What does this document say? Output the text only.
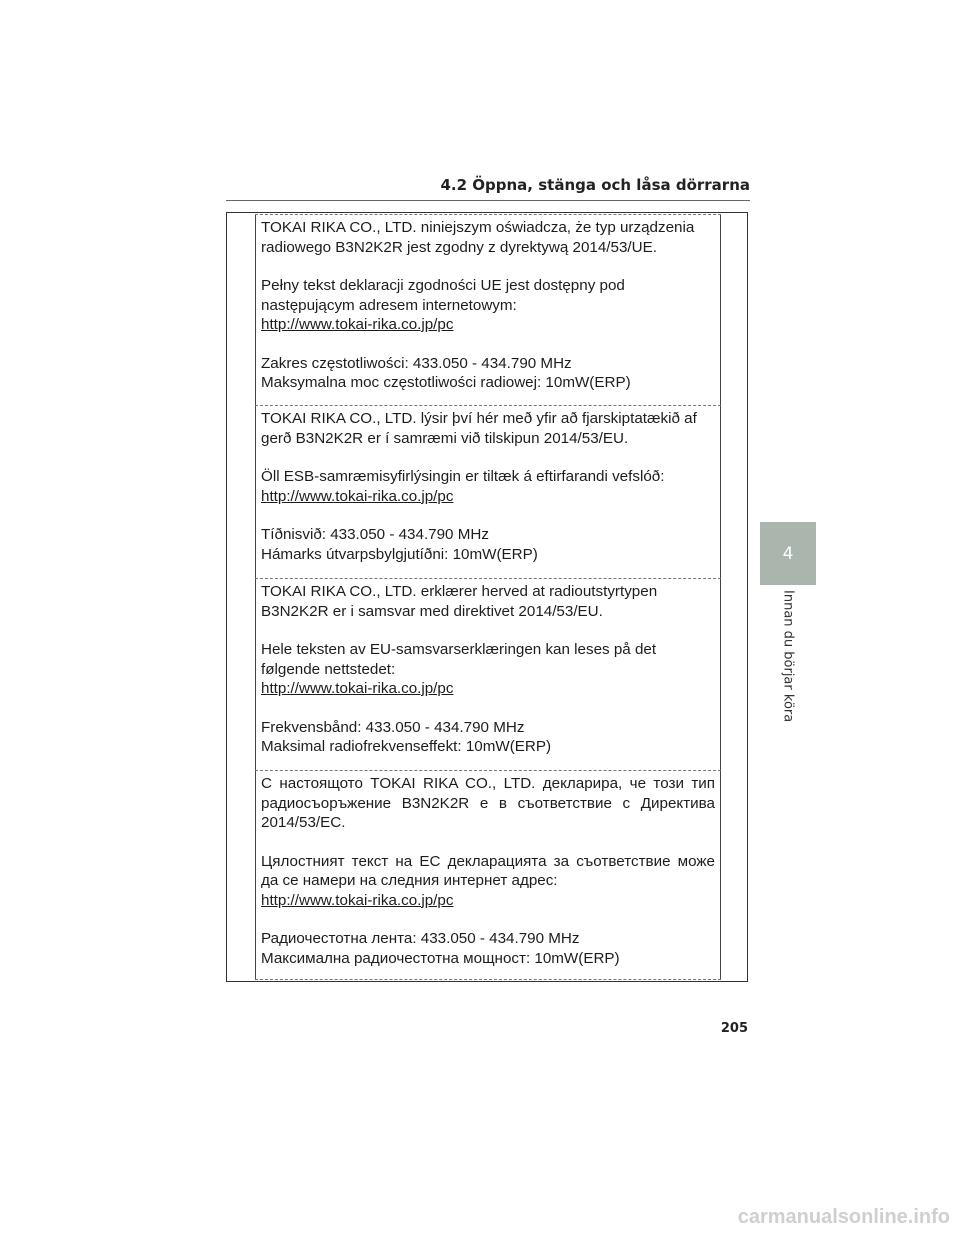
4.2 Öppna, stänga och låsa dörrarna

TOKAI RIKA CO., LTD. niniejszym oświadcza, że typ urządzenia radiowego B3N2K2R jest zgodny z dyrektywą 2014/53/UE.

Pełny tekst deklaracji zgodności UE jest dostępny pod następującym adresem internetowym:

http://www.tokai-rika.co.jp/pc

Zakres częstotliwości: 433.050 - 434.790 MHz

Maksymalna moc częstotliwości radiowej: 10mW(ERP)

TOKAI RIKA CO., LTD. lýsir því hér með yfir að fjarskiptatækið af gerð B3N2K2R er í samræmi við tilskipun 2014/53/EU.

Öll ESB-samræmisyfirlýsingin er tiltæk á eftirfarandi vefslóð:

http://www.tokai-rika.co.jp/pc

Tíðnisvið: 433.050 - 434.790 MHz

Hámarks útvarpsbylgjutíðni: 10mW(ERP)

TOKAI RIKA CO., LTD. erklærer herved at radioutstyrtypen B3N2K2R er i samsvar med direktivet 2014/53/EU.

Hele teksten av EU-samsvarserklæringen kan leses på det følgende nettstedet:

http://www.tokai-rika.co.jp/pc

Frekvensbånd: 433.050 - 434.790 MHz

Maksimal radiofrekvenseffekt: 10mW(ERP)

С настоящото TOKAI RIKA CO., LTD. декларира, че този тип радиосъоръжение B3N2K2R е в съответствие с Директива 2014/53/ЕС.

Цялостният текст на ЕС декларацията за съответствие може да се намери на следния интернет адрес:

http://www.tokai-rika.co.jp/pc

Радиочестотна лента: 433.050 - 434.790 MHz

Максимална радиочестотна мощност: 10mW(ERP)

4
Innan du börjar köra
205
carmanualsonline.info
